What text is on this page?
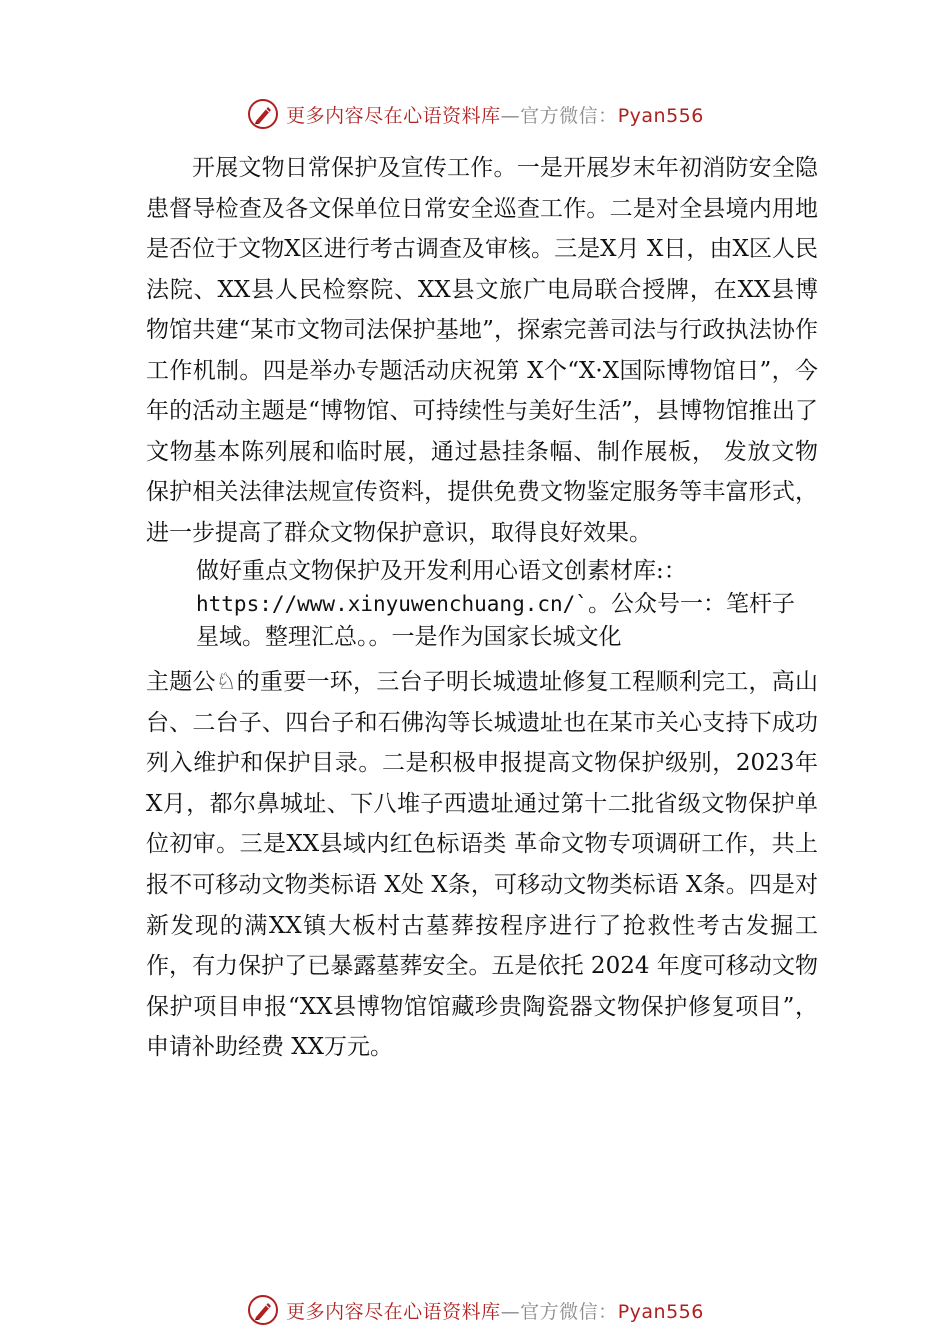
更多内容尽在心语资料库—官方微信：Pyan556

开展文物日常保护及宣传工作。一是开展岁末年初消防安全隐患督导检查及各文保单位日常安全巡查工作。二是对全县境内用地是否位于文物X区进行考古调查及审核。三是X月 X日，由X区人民法院、XX县人民检察院、XX县文旅广电局联合授牌，在XX县博物馆共建“某市文物司法保护基地”，探索完善司法与行政执法协作工作机制。四是举办专题活动庆祝第 X个“X·X国际博物馆日”，今年的活动主题是“博物馆、可持续性与美好生活”，县博物馆推出了文物基本陈列展和临时展，通过悬挂条幅、制作展板， 发放文物保护相关法律法规宣传资料，提供免费文物鉴定服务等丰富形式，进一步提高了群众文物保护意识，取得良好效果。

做好重点文物保护及开发利用心语文创素材库:：
https://www.xinyuwenchuang.cn/`。公众号一：笔杆子
星域。整理汇总。。一是作为国家长城文化

主题公♘的重要一环，三台子明长城遗址修复工程顺利完工，高山台、二台子、四台子和石佛沟等长城遗址也在某市关心支持下成功列入维护和保护目录。二是积极申报提高文物保护级别，2023年 X月，都尔鼻城址、下八堆子西遗址通过第十二批省级文物保护单位初审。三是XX县域内红色标语类 革命文物专项调研工作，共上报不可移动文物类标语 X处 X条，可移动文物类标语 X条。四是对新发现的满XX镇大板村古墓葬按程序进行了抢救性考古发掘工作，有力保护了已暴露墓葬安全。五是依托 2024 年度可移动文物保护项目申报“XX县博物馆馆藏珍贵陶瓷器文物保护修复项目”，申请补助经费 XX万元。

更多内容尽在心语资料库—官方微信：Pyan556
